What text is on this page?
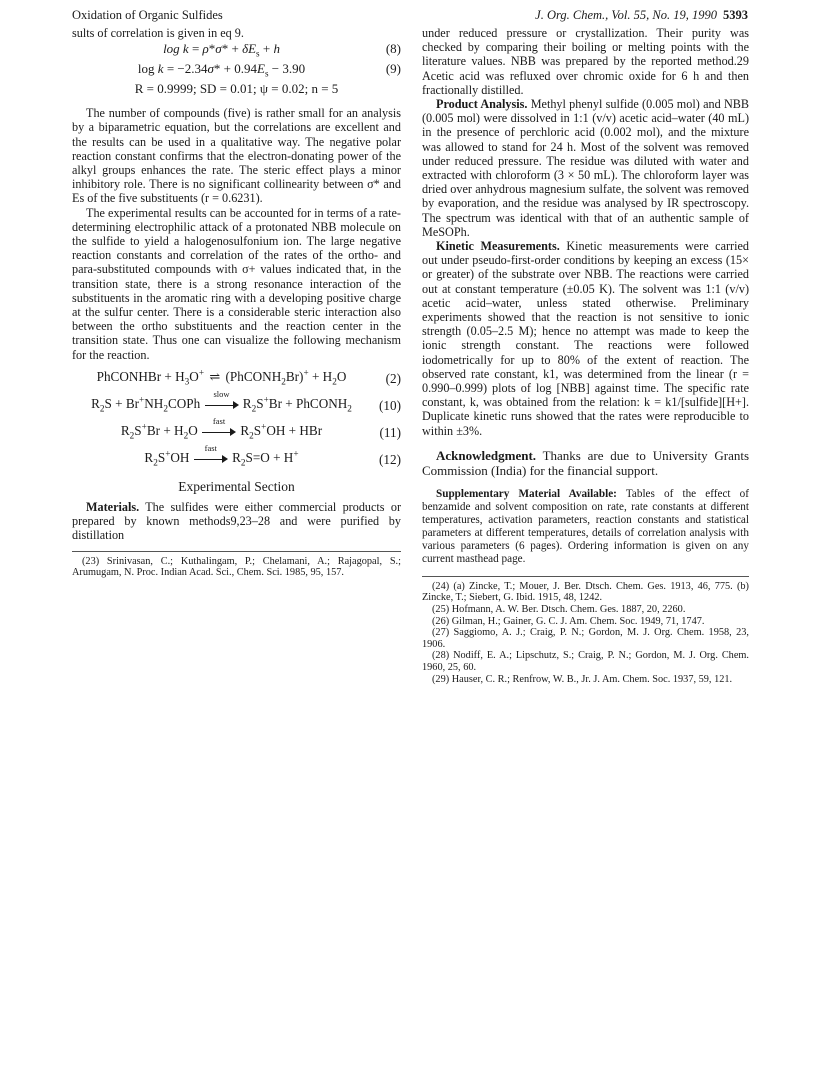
Oxidation of Organic Sulfides	J. Org. Chem., Vol. 55, No. 19, 1990 5393

sults of correlation is given in eq 9.

$\log k = \rho*\sigma* + \delta E_s + h$	(8)
$\log k = -2.34\sigma* + 0.94E_s - 3.90$	(9)
R = 0.9999; SD = 0.01; ψ = 0.02; n = 5

The number of compounds (five) is rather small for an analysis by a biparametric equation, but the correlations are excellent and the results can be used in a qualitative way. The negative polar reaction constant confirms that the electron-donating power of the alkyl groups enhances the rate. The steric effect plays a minor inhibitory role. There is no significant collinearity between σ* and Es of the five substituents (r = 0.6231).

The experimental results can be accounted for in terms of a rate-determining electrophilic attack of a protonated NBB molecule on the sulfide to yield a halogenosulfonium ion. The large negative reaction constants and correlation of the rates of the ortho- and para-substituted compounds with σ+ values indicated that, in the transition state, there is a strong resonance interaction of the substituents in the aromatic ring with a developing positive charge at the sulfur center. There is a considerable steric interaction also between the ortho substituents and the reaction center in the transition state. Thus one can visualize the following mechanism for the reaction.

PhCONHBr + $H_3O^+$ ⇌ (PhCONH$_2$Br)+ + $H_2O$	(2)
$R_2S$ + $Br^+NH_2COPh$
slow
$R_2S^+Br$ + PhCONH$_2$	(10)
$R_2S^+Br + H_2O$
fast
$R_2S^+OH$ + HBr	(11)
$R_2S^+OH$
fast
$R_2S=O + H^+$	(12)
Experimental Section

Materials. The sulfides were either commercial products or prepared by known methods9,23–28 and were purified by distillation

(23) Srinivasan, C.; Kuthalingam, P.; Chelamani, A.; Rajagopal, S.; Arumugam, N. Proc. Indian Acad. Sci., Chem. Sci. 1985, 95, 157.

under reduced pressure or crystallization. Their purity was checked by comparing their boiling or melting points with the literature values. NBB was prepared by the reported method.29 Acetic acid was refluxed over chromic oxide for 6 h and then fractionally distilled.

Product Analysis. Methyl phenyl sulfide (0.005 mol) and NBB (0.005 mol) were dissolved in 1:1 (v/v) acetic acid–water (40 mL) in the presence of perchloric acid (0.002 mol), and the mixture was allowed to stand for 24 h. Most of the solvent was removed under reduced pressure. The residue was diluted with water and extracted with chloroform (3 × 50 mL). The chloroform layer was dried over anhydrous magnesium sulfate, the solvent was removed by evaporation, and the residue was analysed by IR spectroscopy. The spectrum was identical with that of an authentic sample of MeSOPh.

Kinetic Measurements. Kinetic measurements were carried out under pseudo-first-order conditions by keeping an excess (15× or greater) of the substrate over NBB. The reactions were carried out at constant temperature (±0.05 K). The solvent was 1:1 (v/v) acetic acid–water, unless stated otherwise. Preliminary experiments showed that the reaction is not sensitive to ionic strength (0.05–2.5 M); hence no attempt was made to keep the ionic strength constant. The reactions were followed iodometrically for up to 80% of the extent of reaction. The observed rate constant, k1, was determined from the linear (r = 0.990–0.999) plots of log [NBB] against time. The specific rate constant, k, was obtained from the relation: k = k1/[sulfide][H+]. Duplicate kinetic runs showed that the rates were reproducible to within ±3%.

Acknowledgment. Thanks are due to University Grants Commission (India) for the financial support.

Supplementary Material Available: Tables of the effect of benzamide and solvent composition on rate, rate constants at different temperatures, activation parameters, reaction constants and statistical parameters at different temperatures, details of correlation analysis with various parameters (6 pages). Ordering information is given on any current masthead page.

(24) (a) Zincke, T.; Mouer, J. Ber. Dtsch. Chem. Ges. 1913, 46, 775. (b) Zincke, T.; Siebert, G. Ibid. 1915, 48, 1242.

(25) Hofmann, A. W. Ber. Dtsch. Chem. Ges. 1887, 20, 2260.

(26) Gilman, H.; Gainer, G. C. J. Am. Chem. Soc. 1949, 71, 1747.

(27) Saggiomo, A. J.; Craig, P. N.; Gordon, M. J. Org. Chem. 1958, 23, 1906.

(28) Nodiff, E. A.; Lipschutz, S.; Craig, P. N.; Gordon, M. J. Org. Chem. 1960, 25, 60.

(29) Hauser, C. R.; Renfrow, W. B., Jr. J. Am. Chem. Soc. 1937, 59, 121.
